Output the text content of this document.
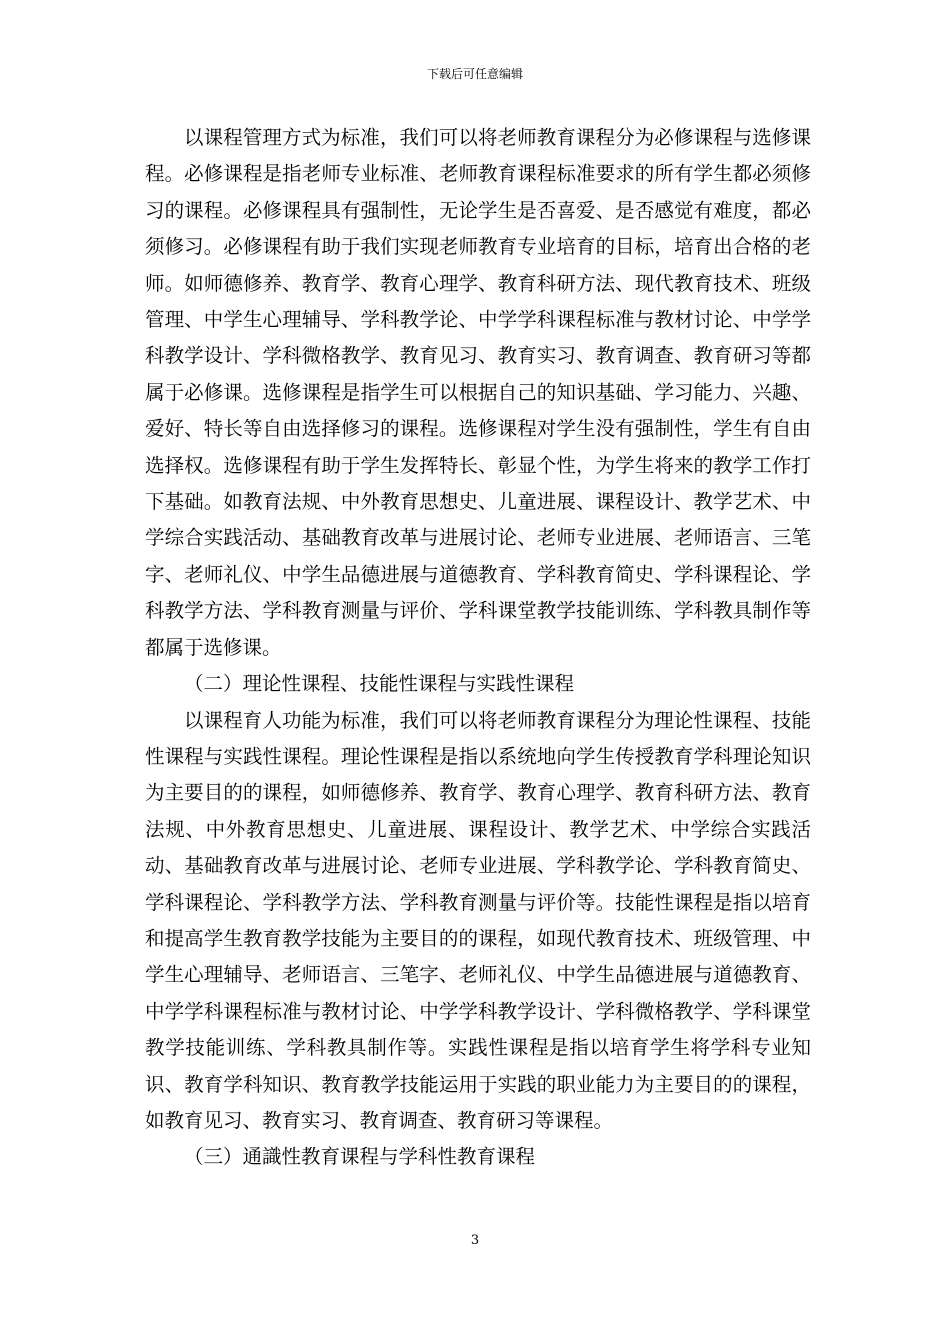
下载后可任意编辑

以课程管理方式为标准，我们可以将老师教育课程分为必修课程与选修课程。必修课程是指老师专业标准、老师教育课程标准要求的所有学生都必须修习的课程。必修课程具有强制性，无论学生是否喜爱、是否感觉有难度，都必须修习。必修课程有助于我们实现老师教育专业培育的目标，培育出合格的老师。如师德修养、教育学、教育心理学、教育科研方法、现代教育技术、班级管理、中学生心理辅导、学科教学论、中学学科课程标准与教材讨论、中学学科教学设计、学科微格教学、教育见习、教育实习、教育调查、教育研习等都属于必修课。选修课程是指学生可以根据自己的知识基础、学习能力、兴趣、爱好、特长等自由选择修习的课程。选修课程对学生没有强制性，学生有自由选择权。选修课程有助于学生发挥特长、彰显个性，为学生将来的教学工作打下基础。如教育法规、中外教育思想史、儿童进展、课程设计、教学艺术、中学综合实践活动、基础教育改革与进展讨论、老师专业进展、老师语言、三笔字、老师礼仪、中学生品德进展与道德教育、学科教育简史、学科课程论、学科教学方法、学科教育测量与评价、学科课堂教学技能训练、学科教具制作等都属于选修课。

（二）理论性课程、技能性课程与实践性课程

以课程育人功能为标准，我们可以将老师教育课程分为理论性课程、技能性课程与实践性课程。理论性课程是指以系统地向学生传授教育学科理论知识为主要目的的课程，如师德修养、教育学、教育心理学、教育科研方法、教育法规、中外教育思想史、儿童进展、课程设计、教学艺术、中学综合实践活动、基础教育改革与进展讨论、老师专业进展、学科教学论、学科教育简史、学科课程论、学科教学方法、学科教育测量与评价等。技能性课程是指以培育和提高学生教育教学技能为主要目的的课程，如现代教育技术、班级管理、中学生心理辅导、老师语言、三笔字、老师礼仪、中学生品德进展与道德教育、中学学科课程标准与教材讨论、中学学科教学设计、学科微格教学、学科课堂教学技能训练、学科教具制作等。实践性课程是指以培育学生将学科专业知识、教育学科知识、教育教学技能运用于实践的职业能力为主要目的的课程，如教育见习、教育实习、教育调查、教育研习等课程。

（三）通識性教育课程与学科性教育课程

3
